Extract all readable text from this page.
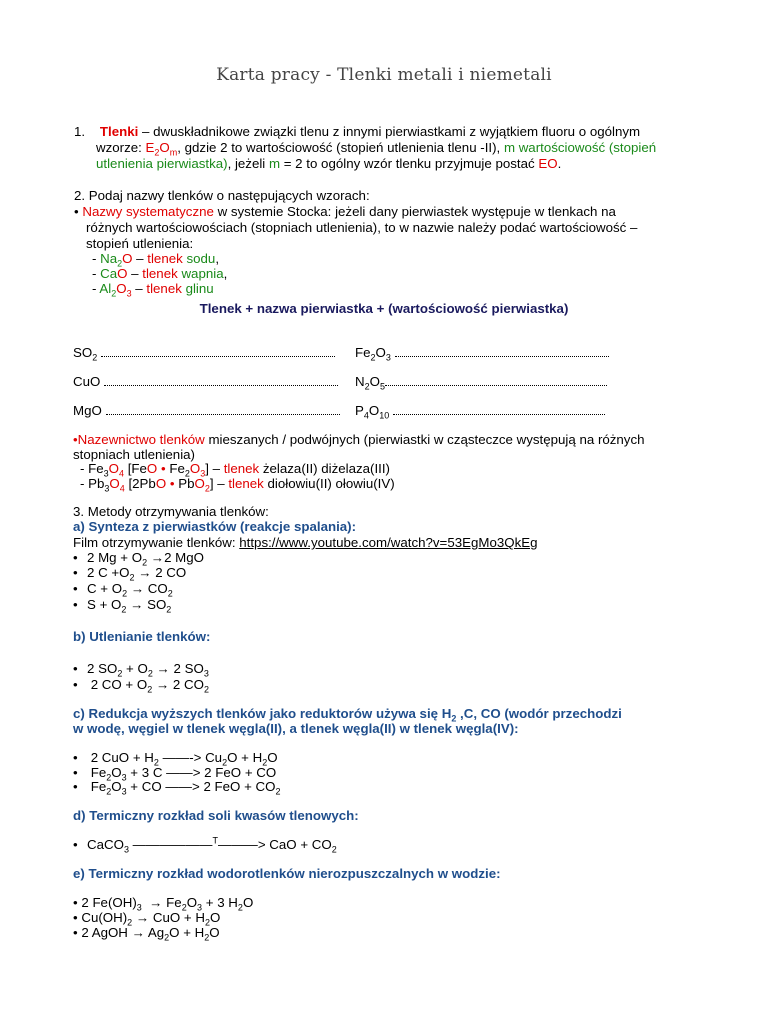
Karta pracy - Tlenki metali i niemetali
1. Tlenki – dwuskładnikowe związki tlenu z innymi pierwiastkami z wyjątkiem fluoru o ogólnym
wzorze: $E_2O_m$, gdzie 2 to wartościowość (stopień utlenienia tlenu -II), m wartościowość (stopień
utlenienia pierwiastka), jeżeli m = 2 to ogólny wzór tlenku przyjmuje postać EO.
2. Podaj nazwy tlenków o następujących wzorach:
• Nazwy systematyczne w systemie Stocka: jeżeli dany pierwiastek występuje w tlenkach na
różnych wartościowościach (stopniach utlenienia), to w nazwie należy podać wartościowość –
stopień utlenienia:
- $Na_2O$ – tlenek sodu,
- CaO – tlenek wapnia,
- $Al_2O_3$ – tlenek glinu
Tlenek + nazwa pierwiastka + (wartościowość pierwiastka)
$SO_2$	$Fe_2O_3$
CuO	$N_2O_5$
MgO	$P_4O_{10}$
•Nazewnictwo tlenków mieszanych / podwójnych (pierwiastki w cząsteczce występują na różnych
stopniach utlenienia)
- $Fe_3O_4$ [FeO • $Fe_2O_3$] – tlenek żelaza(II) diżelaza(III)
- $Pb_3O_4$ [2PbO • PbO$_2$] – tlenek diołowiu(II) ołowiu(IV)
3. Metody otrzymywania tlenków:
a) Synteza z pierwiastków (reakcje spalania):
Film otrzymywanie tlenków: https://www.youtube.com/watch?v=53EgMo3QkEg
• 2 $Mg + O_2 \to 2$ MgO
• 2 $C +O_2 \to 2$ CO
• $C + O_2 \to CO_2$
• $S + O_2 \to SO_2$
b) Utlenianie tlenków:
• 2 $SO_2 + O_2 \to 2$ $SO_3$
• 2 CO + $O_2 \to 2$ $CO_2$
c) Redukcja wyższych tlenków jako reduktorów używa się $H_2$ ,C, CO (wodór przechodzi
w wodę, węgiel w tlenek węgla(II), a tlenek węgla(II) w tlenek węgla(IV):
• 2 CuO + $H_2$ ——-> $Cu_2O + H_2O$
• $Fe_2O_3 + 3$ C ——> 2 FeO + CO
• $Fe_2O_3$ + CO ——> 2 FeO + $CO_2$
d) Termiczny rozkład soli kwasów tlenowych:
• CaCO$_3$ ——————$^T$———> CaO + $CO_2$
e) Termiczny rozkład wodorotlenków nierozpuszczalnych w wodzie:
• 2 $Fe(OH)_3 \to Fe_2O_3 + 3$ $H_2O$
• $Cu(OH)_2$ → CuO + $H_2O$
• 2 AgOH → $Ag_2O + H_2O$
